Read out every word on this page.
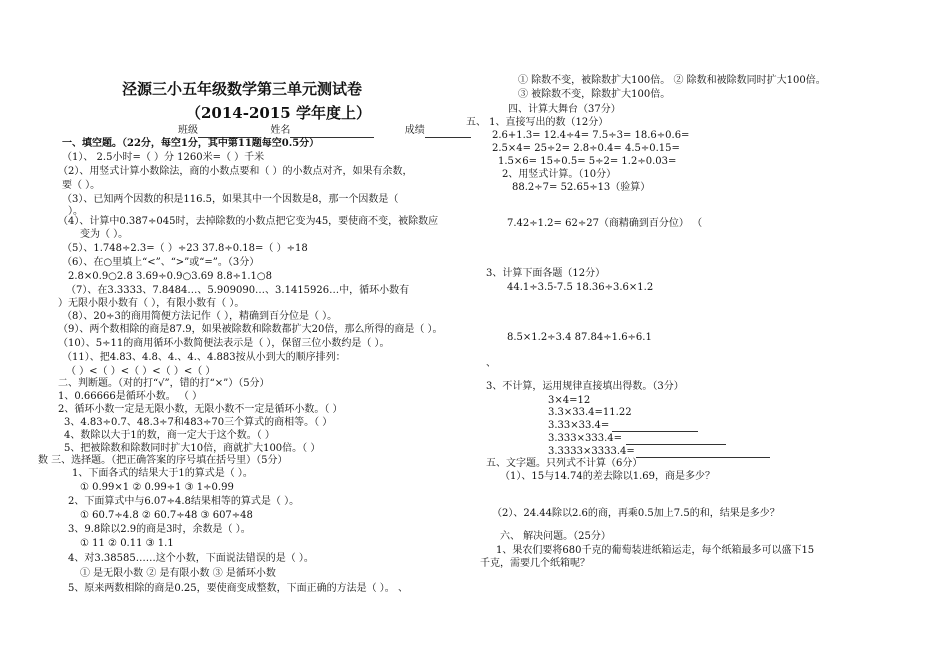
泾源三小五年级数学第三单元测试卷
（2014-2015 学年度上）
班级	姓名	成绩
一、填空题。（22分，每空1分，其中第11题每空0.5分）
（1）、 2.5小时=（ ）分 1260米=（ ）千米
（2）、用竖式计算小数除法，商的小数点要和（ ）的小数点对齐，如果有余数，
要（ ）。
（3）、已知两个因数的积是116.5，如果其中一个因数是8，那一个因数是（
）。
（4）、计算中0.387÷045时，去掉除数的小数点把它变为45，要使商不变，被除数应
变为（ ）。
（5）、1.748÷2.3=（ ）÷23 37.8÷0.18=（ ）÷18
（6）、在○里填上“<”、“>”或“=”。（3分）
2.8×0.9○2.8 3.69÷0.9○3.69 8.8÷1.1○8
（7）、在3.3333、7.8484…、5.909090…、3.1415926…中，循环小数有
）无限小限小数有（ ），有限小数有（ ）。
（8）、20÷3的商用简便方法记作（ ），精确到百分位是（ ）。
（9）、两个数相除的商是87.9，如果被除数和除数都扩大20倍，那么所得的商是（ ）。
（10）、5÷11的商用循环小数简便法表示是（ ），保留三位小数约是（ ）。
（11）、把4.83、4.8、4.、4.、4.883按从小到大的顺序排列：
（ ）<（ ）<（ ）<（ ）<（ ）
二、判断题。（对的打“√”，错的打“×”）（5分）
1、0.66666是循环小数。 （ ）
2、循环小数一定是无限小数，无限小数不一定是循环小数。（ ）
3、4.83÷0.7、48.3÷7和483÷70三个算式的商相等。（ ）
4、数除以大于1的数，商一定大于这个数。（ ）
5、把被除数和除数同时扩大10倍，商就扩大100倍。（ ）
数 三、选择题。（把正确答案的序号填在括号里）（5分）
1、下面各式的结果大于1的算式是（ ）。
① 0.99×1 ② 0.99÷1 ③ 1÷0.99
2、下面算式中与6.07÷4.8结果相等的算式是（ ）。
① 60.7÷4.8 ② 60.7÷48 ③ 607÷48
3、9.8除以2.9的商是3时，余数是（ ）。
① 11 ② 0.11 ③ 1.1
4、对3.38585……这个小数，下面说法错误的是（ ）。
① 是无限小数 ② 是有限小数 ③ 是循环小数
5、原来两数相除的商是0.25，要使商变成整数，下面正确的方法是（ ）。 、
① 除数不变，被除数扩大100倍。 ② 除数和被除数同时扩大100倍。
③ 被除数不变，除数扩大100倍。
四、计算大舞台（37分）
五、 1、直接写出的数（12分）
2.6+1.3= 12.4÷4= 7.5÷3= 18.6÷0.6=
2.5×4= 25÷2= 2.8÷0.4= 4.5÷0.15=
1.5×6= 15÷0.5= 5÷2= 1.2÷0.03=
2、用竖式计算。（10分）
88.2÷7= 52.65÷13（验算）
7.42÷1.2= 62÷27（商精确到百分位） （
3、计算下面各题（12分）
44.1÷3.5-7.5 18.36÷3.6×1.2
8.5×1.2÷3.4 87.84÷1.6÷6.1
、
3、不计算，运用规律直接填出得数。（3分）
3×4=12
3.3×33.4=11.22
3.33×33.4=
3.333×333.4=
3.3333×3333.4=
五、文字题。只列式不计算（6分）
（1）、15与14.74的差去除以1.69，商是多少？
（2）、24.44除以2.6的商，再乘0.5加上7.5的和，结果是多少？
六、 解决问题。（25分）
1、果农们要将680千克的葡萄装进纸箱运走，每个纸箱最多可以盛下15
千克，需要几个纸箱呢？
